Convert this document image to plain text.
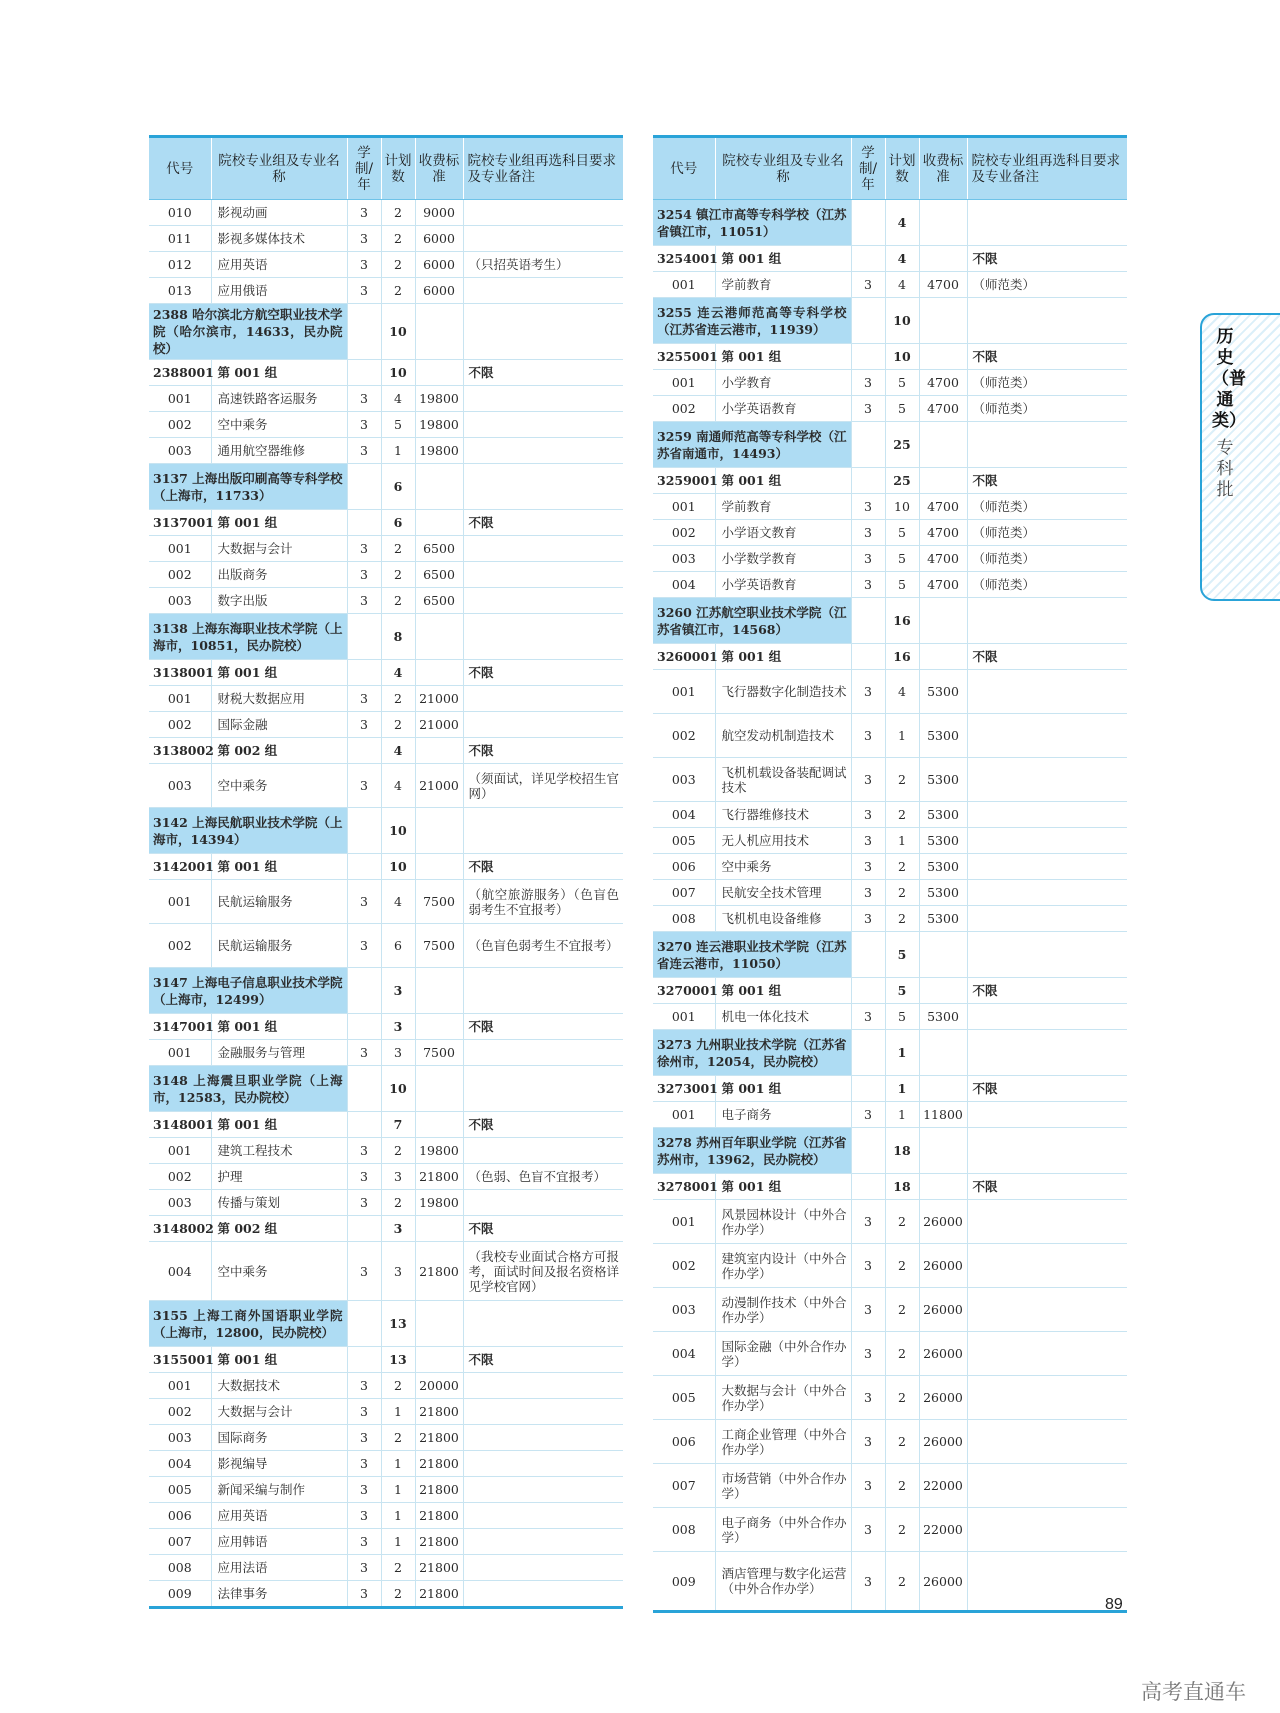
代号	院校专业组及专业名称	学制/年	计划数	收费标准	院校专业组再选科目要求及专业备注
010	影视动画	3	2	9000	
011	影视多媒体技术	3	2	6000	
012	应用英语	3	2	6000	（只招英语考生）
013	应用俄语	3	2	6000	
2388 哈尔滨北方航空职业技术学院（哈尔滨市，14633，民办院校）			10		
2388001	第 001 组		10		不限
001	高速铁路客运服务	3	4	19800	
002	空中乘务	3	5	19800	
003	通用航空器维修	3	1	19800	
3137 上海出版印刷高等专科学校（上海市，11733）			6		
3137001	第 001 组		6		不限
001	大数据与会计	3	2	6500	
002	出版商务	3	2	6500	
003	数字出版	3	2	6500	
3138 上海东海职业技术学院（上海市，10851，民办院校）			8		
3138001	第 001 组		4		不限
001	财税大数据应用	3	2	21000	
002	国际金融	3	2	21000	
3138002	第 002 组		4		不限
003	空中乘务	3	4	21000	（须面试，详见学校招生官网）
3142 上海民航职业技术学院（上海市，14394）			10		
3142001	第 001 组		10		不限
001	民航运输服务	3	4	7500	（航空旅游服务）（色盲色弱考生不宜报考）
002	民航运输服务	3	6	7500	（色盲色弱考生不宜报考）
3147 上海电子信息职业技术学院（上海市，12499）			3		
3147001	第 001 组		3		不限
001	金融服务与管理	3	3	7500	
3148 上海震旦职业学院（上海市，12583，民办院校）			10		
3148001	第 001 组		7		不限
001	建筑工程技术	3	2	19800	
002	护理	3	3	21800	（色弱、色盲不宜报考）
003	传播与策划	3	2	19800	
3148002	第 002 组		3		不限
004	空中乘务	3	3	21800	（我校专业面试合格方可报考，面试时间及报名资格详见学校官网）
3155 上海工商外国语职业学院（上海市，12800，民办院校）			13		
3155001	第 001 组		13		不限
001	大数据技术	3	2	20000	
002	大数据与会计	3	1	21800	
003	国际商务	3	2	21800	
004	影视编导	3	1	21800	
005	新闻采编与制作	3	1	21800	
006	应用英语	3	1	21800	
007	应用韩语	3	1	21800	
008	应用法语	3	2	21800	
009	法律事务	3	2	21800	
代号	院校专业组及专业名称	学制/年	计划数	收费标准	院校专业组再选科目要求及专业备注
3254 镇江市高等专科学校（江苏省镇江市，11051）			4		
3254001	第 001 组		4		不限
001	学前教育	3	4	4700	（师范类）
3255 连云港师范高等专科学校（江苏省连云港市，11939）			10		
3255001	第 001 组		10		不限
001	小学教育	3	5	4700	（师范类）
002	小学英语教育	3	5	4700	（师范类）
3259 南通师范高等专科学校（江苏省南通市，14493）			25		
3259001	第 001 组		25		不限
001	学前教育	3	10	4700	（师范类）
002	小学语文教育	3	5	4700	（师范类）
003	小学数学教育	3	5	4700	（师范类）
004	小学英语教育	3	5	4700	（师范类）
3260 江苏航空职业技术学院（江苏省镇江市，14568）			16		
3260001	第 001 组		16		不限
001	飞行器数字化制造技术	3	4	5300	
002	航空发动机制造技术	3	1	5300	
003	飞机机载设备装配调试技术	3	2	5300	
004	飞行器维修技术	3	2	5300	
005	无人机应用技术	3	1	5300	
006	空中乘务	3	2	5300	
007	民航安全技术管理	3	2	5300	
008	飞机机电设备维修	3	2	5300	
3270 连云港职业技术学院（江苏省连云港市，11050）			5		
3270001	第 001 组		5		不限
001	机电一体化技术	3	5	5300	
3273 九州职业技术学院（江苏省徐州市，12054，民办院校）			1		
3273001	第 001 组		1		不限
001	电子商务	3	1	11800	
3278 苏州百年职业学院（江苏省苏州市，13962，民办院校）			18		
3278001	第 001 组		18		不限
001	风景园林设计（中外合作办学）	3	2	26000	
002	建筑室内设计（中外合作办学）	3	2	26000	
003	动漫制作技术（中外合作办学）	3	2	26000	
004	国际金融（中外合作办学）	3	2	26000	
005	大数据与会计（中外合作办学）	3	2	26000	
006	工商企业管理（中外合作办学）	3	2	26000	
007	市场营销（中外合作办学）	3	2	22000	
008	电子商务（中外合作办学）	3	2	22000	
009	酒店管理与数字化运营（中外合作办学）	3	2	26000	
历史（普通类）
专科批
89
高考直通车
